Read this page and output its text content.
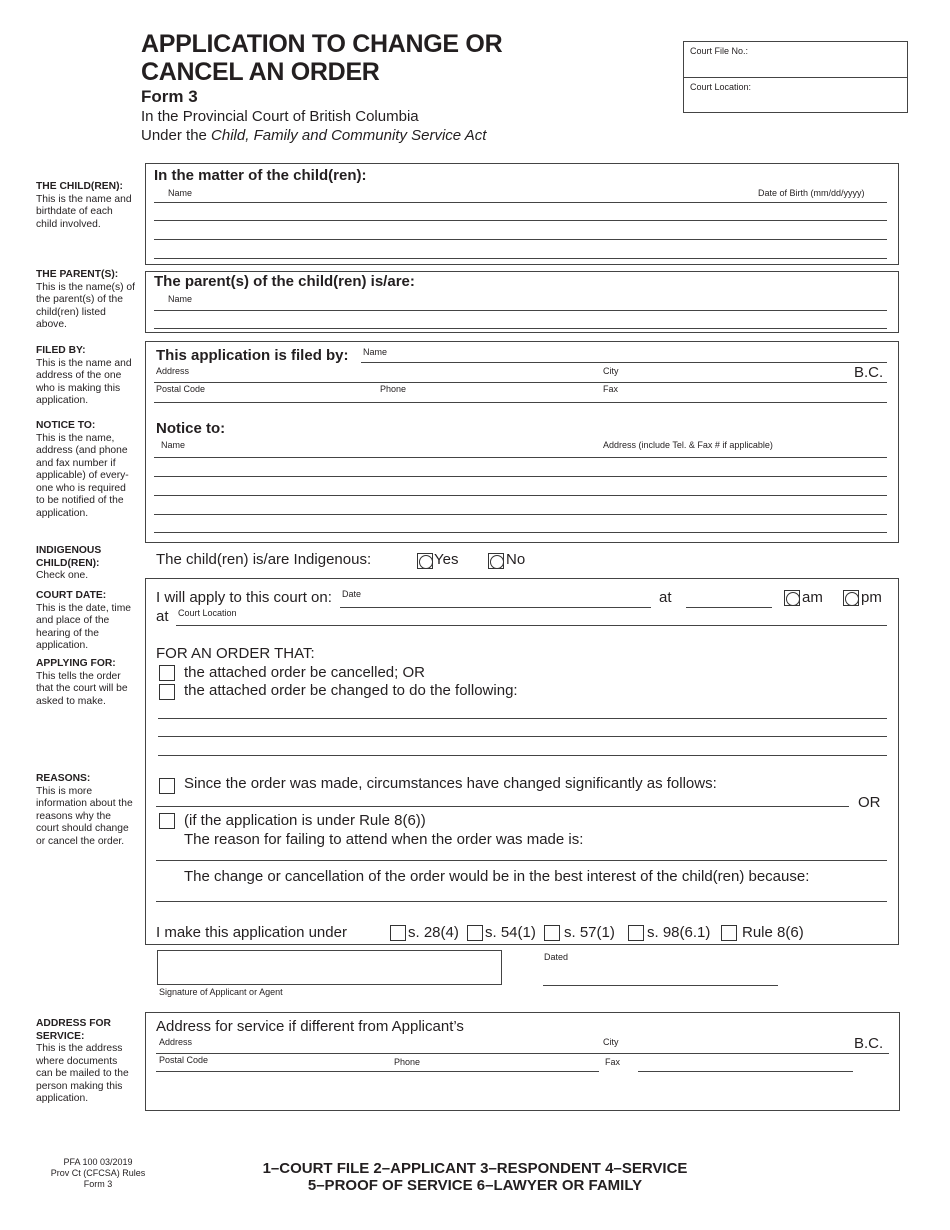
APPLICATION TO CHANGE OR
CANCEL AN ORDER
Form 3
In the Provincial Court of British Columbia
Under the Child, Family and Community Service Act
Court File No.:
Court Location:
THE CHILD(REN):
This is the name and birthdate of each child involved.
THE PARENT(S):
This is the name(s) of the parent(s) of the child(ren) listed above.
FILED BY:
This is the name and address of the one who is making this application.
NOTICE TO:
This is the name, address (and phone and fax number if applicable) of every-one who is required to be notified of the application.
INDIGENOUS CHILD(REN):
Check one.
COURT DATE:
This is the date, time and place of the hearing of the application.
APPLYING FOR:
This tells the order that the court will be asked to make.
REASONS:
This is more information about the reasons why the court should change or cancel the order.
ADDRESS FOR SERVICE:
This is the address where documents can be mailed to the person making this application.
In the matter of the child(ren):
Name	Date of Birth (mm/dd/yyyy)
The parent(s) of the child(ren) is/are:
Name
This application is filed by: Name
Address	City	B.C.
Postal Code	Phone	Fax
Notice to:
Name	Address (include Tel. & Fax # if applicable)
The child(ren) is/are Indigenous:	Yes	No
I will apply to this court on: Date	at	am	pm
at Court Location
FOR AN ORDER THAT:
the attached order be cancelled; OR
the attached order be changed to do the following:
Since the order was made, circumstances have changed significantly as follows:
OR
(if the application is under Rule 8(6))
The reason for failing to attend when the order was made is:
The change or cancellation of the order would be in the best interest of the child(ren) because:
I make this application under	s. 28(4) s. 54(1) s. 57(1) s. 98(6.1) Rule 8(6)
Signature of Applicant or Agent
Dated
Address for service if different from Applicant’s
Address	City	B.C.
Postal Code	Phone	Fax
PFA 100 03/2019
Prov Ct (CFCSA) Rules
Form 3
1–COURT FILE 2–APPLICANT 3–RESPONDENT 4–SERVICE
5–PROOF OF SERVICE 6–LAWYER OR FAMILY
